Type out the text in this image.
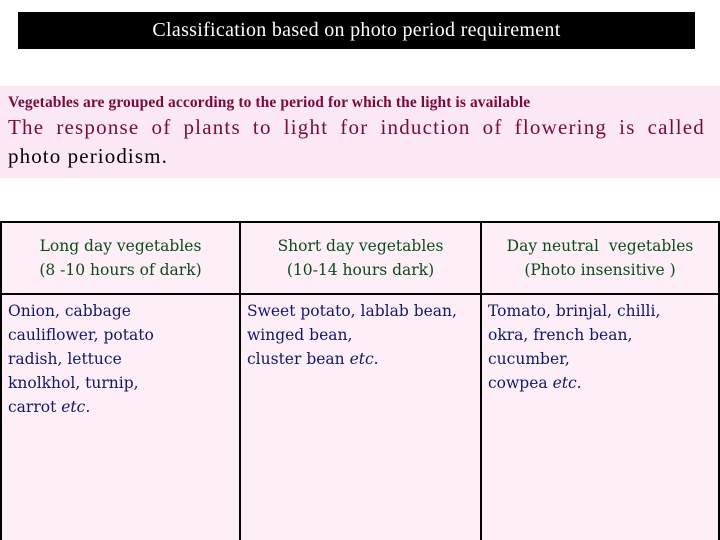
Classification based on photo period requirement
Vegetables are grouped according to the period for which the light is available
The response of plants to light for induction of flowering is called
photo periodism.
Long day vegetables
(8 -10 hours of dark)
Short day vegetables
(10-14 hours dark)
Day neutral  vegetables
(Photo insensitive )
Onion, cabbage
cauliflower, potato
radish, lettuce
knolkhol, turnip,
carrot etc.
Sweet potato, lablab bean,
winged bean,
cluster bean etc.
Tomato, brinjal, chilli,
okra, french bean,
cucumber,
cowpea etc.
